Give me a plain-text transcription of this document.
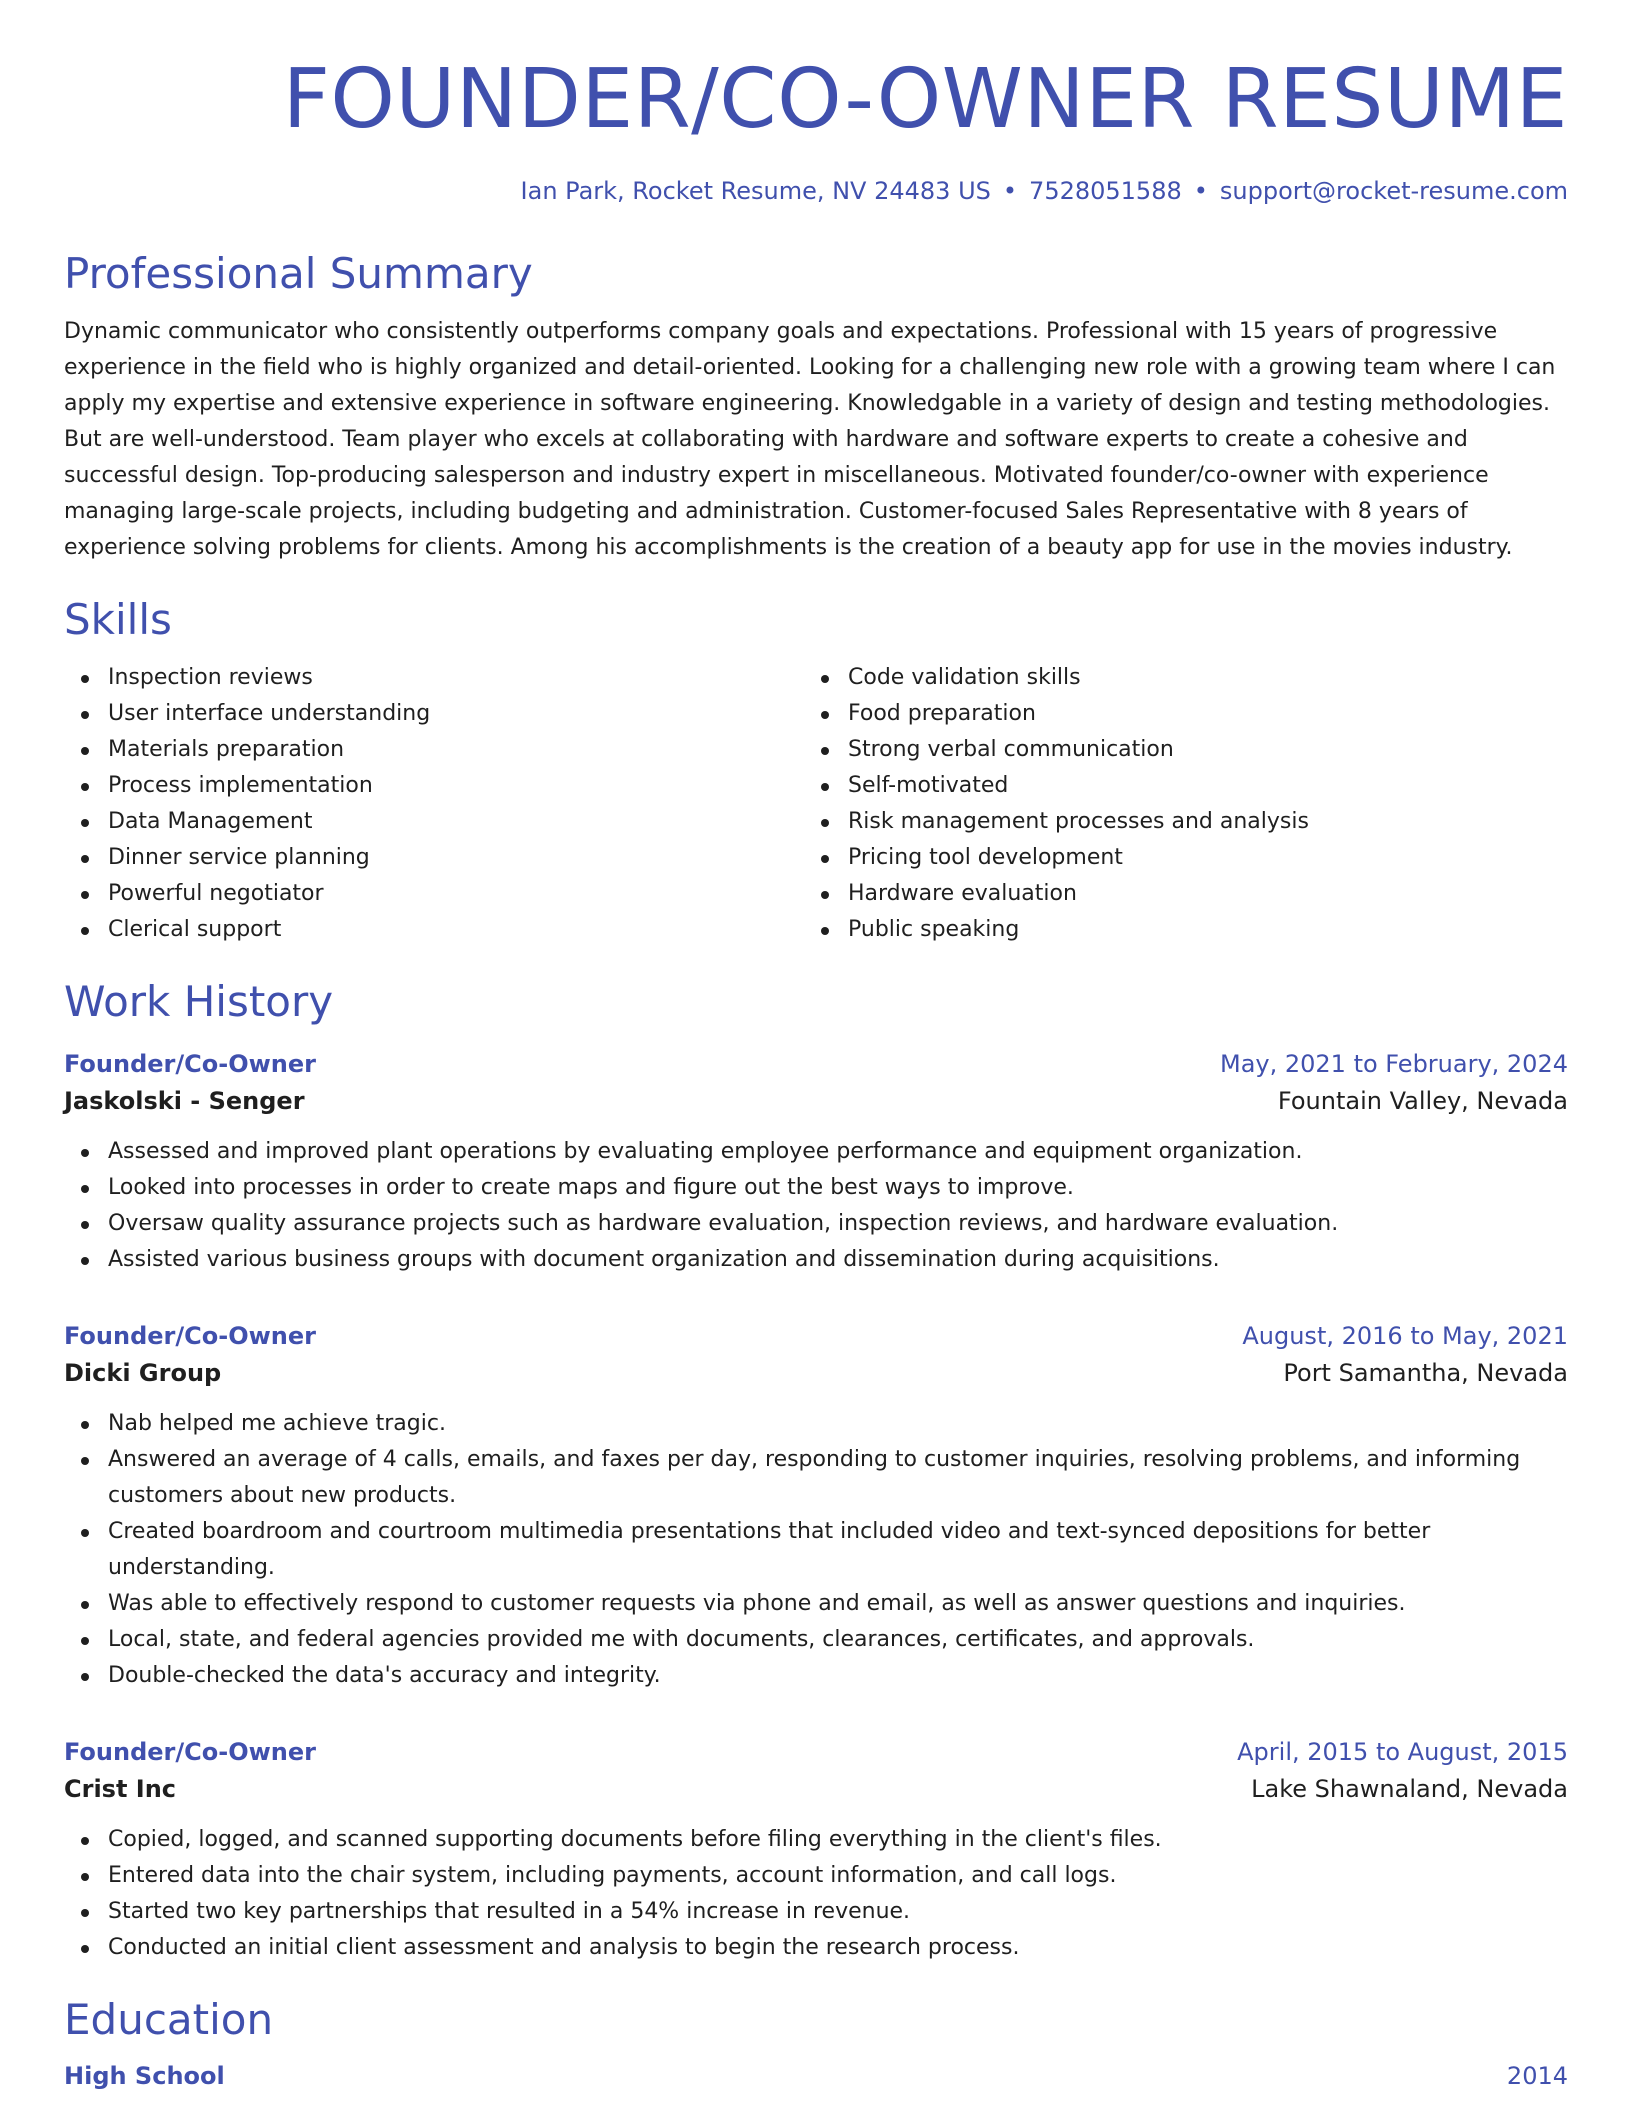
FOUNDER/CO-OWNER RESUME
Ian Park, Rocket Resume, NV 24483 US • 7528051588 • support@rocket-resume.com
Professional Summary

Dynamic communicator who consistently outperforms company goals and expectations. Professional with 15 years of progressive experience in the field who is highly organized and detail-oriented. Looking for a challenging new role with a growing team where I can apply my expertise and extensive experience in software engineering. Knowledgable in a variety of design and testing methodologies. But are well-understood. Team player who excels at collaborating with hardware and software experts to create a cohesive and successful design. Top-producing salesperson and industry expert in miscellaneous. Motivated founder/co-owner with experience managing large-scale projects, including budgeting and administration. Customer-focused Sales Representative with 8 years of experience solving problems for clients. Among his accomplishments is the creation of a beauty app for use in the movies industry.

Skills
Inspection reviews
User interface understanding
Materials preparation
Process implementation
Data Management
Dinner service planning
Powerful negotiator
Clerical support
Code validation skills
Food preparation
Strong verbal communication
Self-motivated
Risk management processes and analysis
Pricing tool development
Hardware evaluation
Public speaking
Work History
Founder/Co-Owner	May, 2021 to February, 2024
Jaskolski - Senger	Fountain Valley, Nevada
Assessed and improved plant operations by evaluating employee performance and equipment organization.
Looked into processes in order to create maps and figure out the best ways to improve.
Oversaw quality assurance projects such as hardware evaluation, inspection reviews, and hardware evaluation.
Assisted various business groups with document organization and dissemination during acquisitions.
Founder/Co-Owner	August, 2016 to May, 2021
Dicki Group	Port Samantha, Nevada
Nab helped me achieve tragic.
Answered an average of 4 calls, emails, and faxes per day, responding to customer inquiries, resolving problems, and informing customers about new products.
Created boardroom and courtroom multimedia presentations that included video and text-synced depositions for better understanding.
Was able to effectively respond to customer requests via phone and email, as well as answer questions and inquiries.
Local, state, and federal agencies provided me with documents, clearances, certificates, and approvals.
Double-checked the data's accuracy and integrity.
Founder/Co-Owner	April, 2015 to August, 2015
Crist Inc	Lake Shawnaland, Nevada
Copied, logged, and scanned supporting documents before filing everything in the client's files.
Entered data into the chair system, including payments, account information, and call logs.
Started two key partnerships that resulted in a 54% increase in revenue.
Conducted an initial client assessment and analysis to begin the research process.
Education
High School	2014
